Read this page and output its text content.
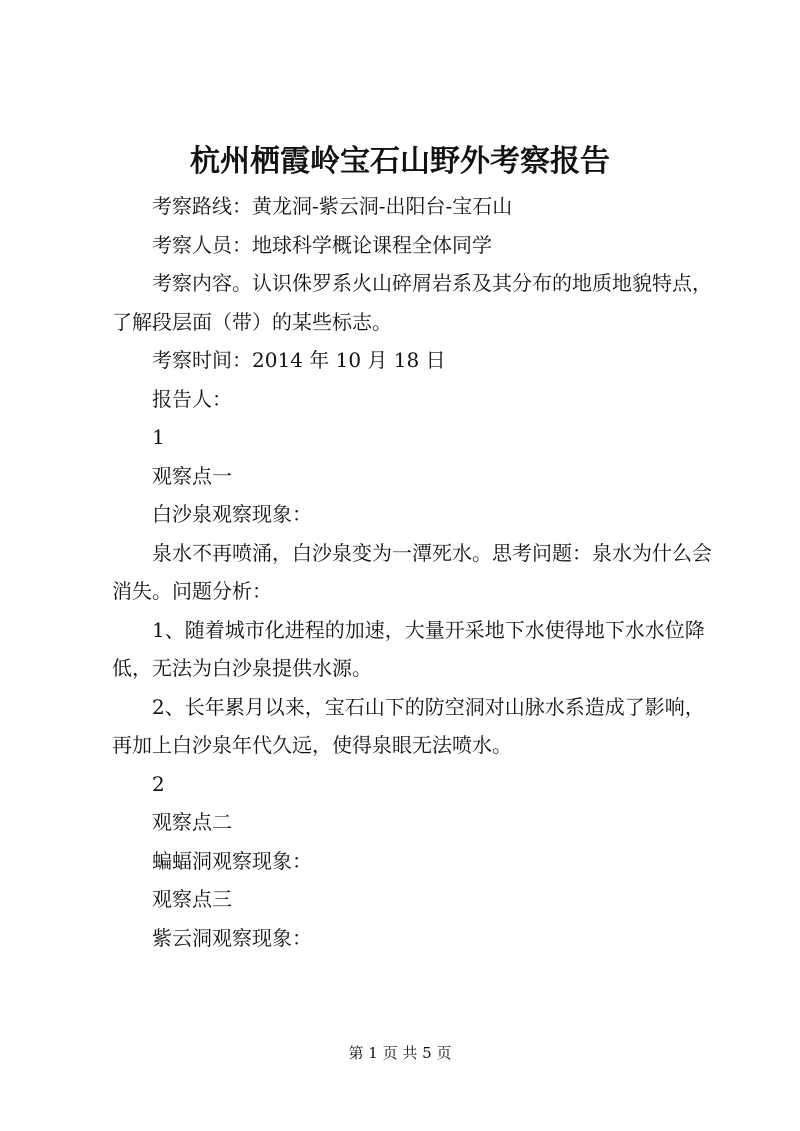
杭州栖霞岭宝石山野外考察报告

考察路线：黄龙洞-紫云洞-出阳台-宝石山

考察人员：地球科学概论课程全体同学

考察内容。认识侏罗系火山碎屑岩系及其分布的地质地貌特点，了解段层面（带）的某些标志。

考察时间：2014 年 10 月 18 日

报告人：

1

观察点一

白沙泉观察现象：

泉水不再喷涌，白沙泉变为一潭死水。思考问题：泉水为什么会消失。问题分析：

1、随着城市化进程的加速，大量开采地下水使得地下水水位降低，无法为白沙泉提供水源。

2、长年累月以来，宝石山下的防空洞对山脉水系造成了影响，再加上白沙泉年代久远，使得泉眼无法喷水。

2

观察点二

蝙蝠洞观察现象：

观察点三

紫云洞观察现象：

第 1 页 共 5 页
